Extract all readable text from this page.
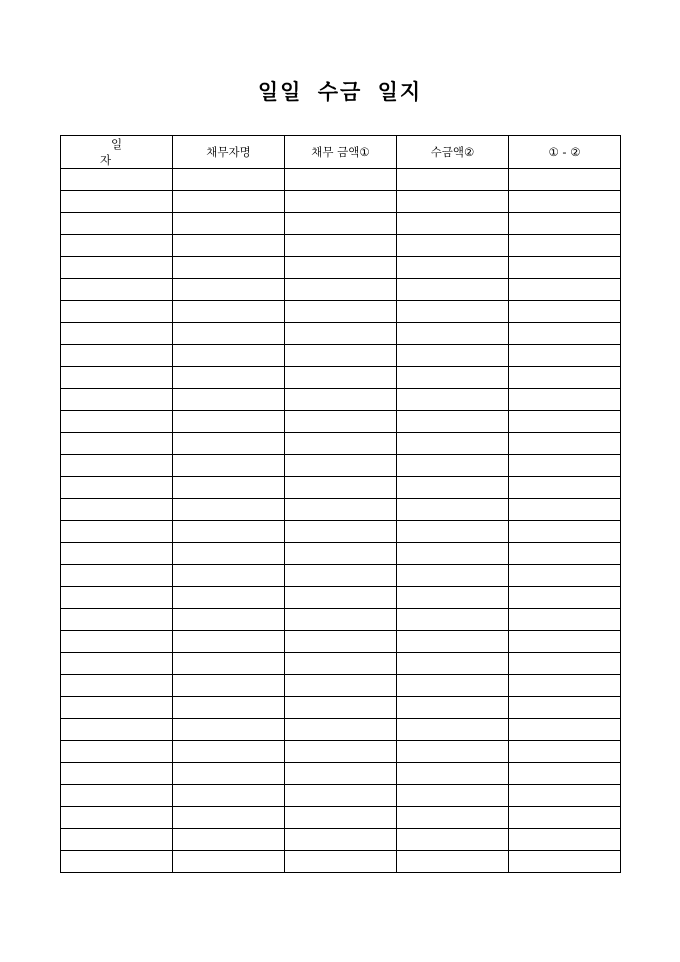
일일 수금 일지
일 자	채무자명	채무 금액①	수금액②	① - ②
